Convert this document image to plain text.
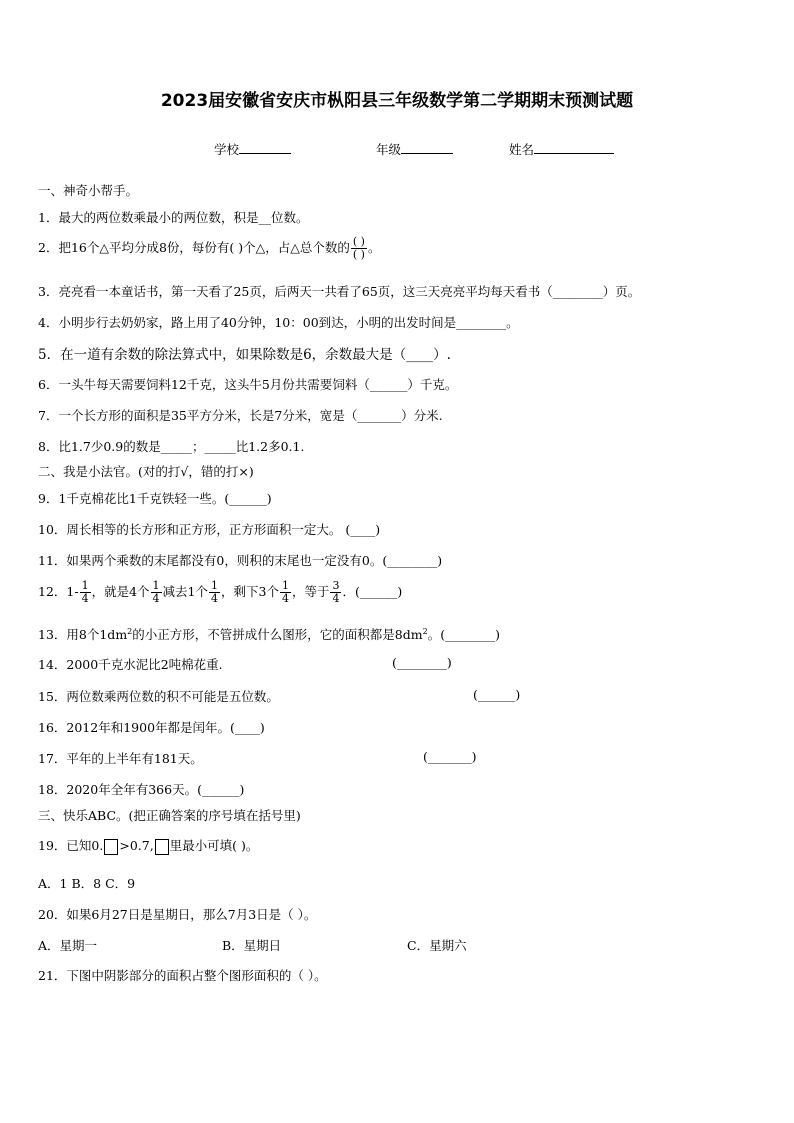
2023届安徽省安庆市枞阳县三年级数学第二学期期末预测试题
学校	年级	姓名
一、神奇小帮手。
1．最大的两位数乘最小的两位数，积是__位数。
2．把16个△平均分成8份，每份有( )个△，占△总个数的 $\frac{( )}{( )}$ 。
3．亮亮看一本童话书，第一天看了25页，后两天一共看了65页，这三天亮亮平均每天看书（________）页。
4．小明步行去奶奶家，路上用了40分钟，10：00到达，小明的出发时间是________。
5．在一道有余数的除法算式中，如果除数是6，余数最大是（____）.
6．一头牛每天需要饲料12千克，这头牛5月份共需要饲料（______）千克。
7．一个长方形的面积是35平方分米，长是7分米，宽是（_______）分米.
8．比1.7少0.9的数是_____；_____比1.2多0.1.
二、我是小法官。(对的打√，错的打×)
9．1千克棉花比1千克铁轻一些。(______)
10．周长相等的长方形和正方形，正方形面积一定大。 (____)
11．如果两个乘数的末尾都没有0，则积的末尾也一定没有0。(________)
12．$1- \frac{1}{4}$ ，就是4个 $\frac{1}{4}$ 减去1个 $\frac{1}{4}$ ，剩下3个 $\frac{1}{4}$ ，等于 $\frac{3}{4}$ ．(______)
13．用8个$1dm^2$的小正方形，不管拼成什么图形，它的面积都是$8dm^2$。(________)
14．2000千克水泥比2吨棉花重.	(________)
15．两位数乘两位数的积不可能是五位数。	(______)
16．2012年和1900年都是闰年。(____)
17．平年的上半年有181天。	(_______)
18．2020年全年有366天。(______)
三、快乐ABC。(把正确答案的序号填在括号里)
19．已知0. >0.7, 里最小可填( )。
A．1 B．8 C．9
20．如果6月27日是星期日，那么7月3日是（ ）。
A．星期一	B．星期日	C．星期六
21．下图中阴影部分的面积占整个图形面积的（ ）。
